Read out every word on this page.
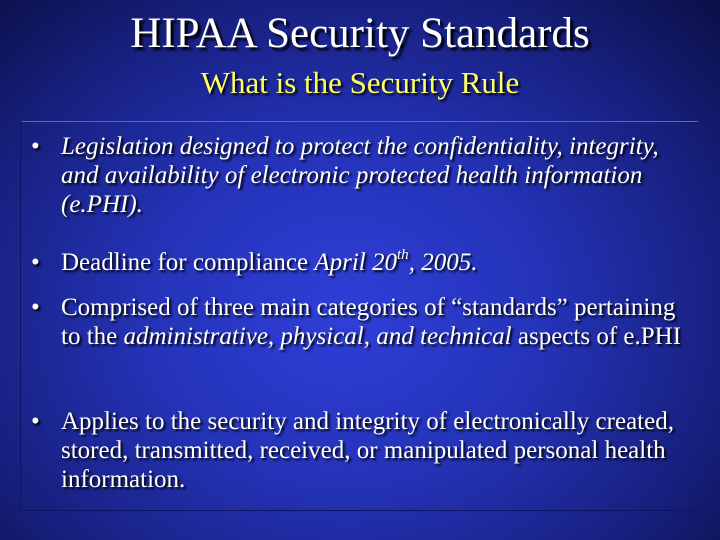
HIPAA Security Standards
What is the Security Rule
• Legislation designed to protect the confidentiality, integrity, and availability of electronic protected health information (e.PHI).
• Deadline for compliance April 20th, 2005.
• Comprised of three main categories of “standards” pertaining to the administrative, physical, and technical aspects of e.PHI
• Applies to the security and integrity of electronically created, stored, transmitted, received, or manipulated personal health information.
